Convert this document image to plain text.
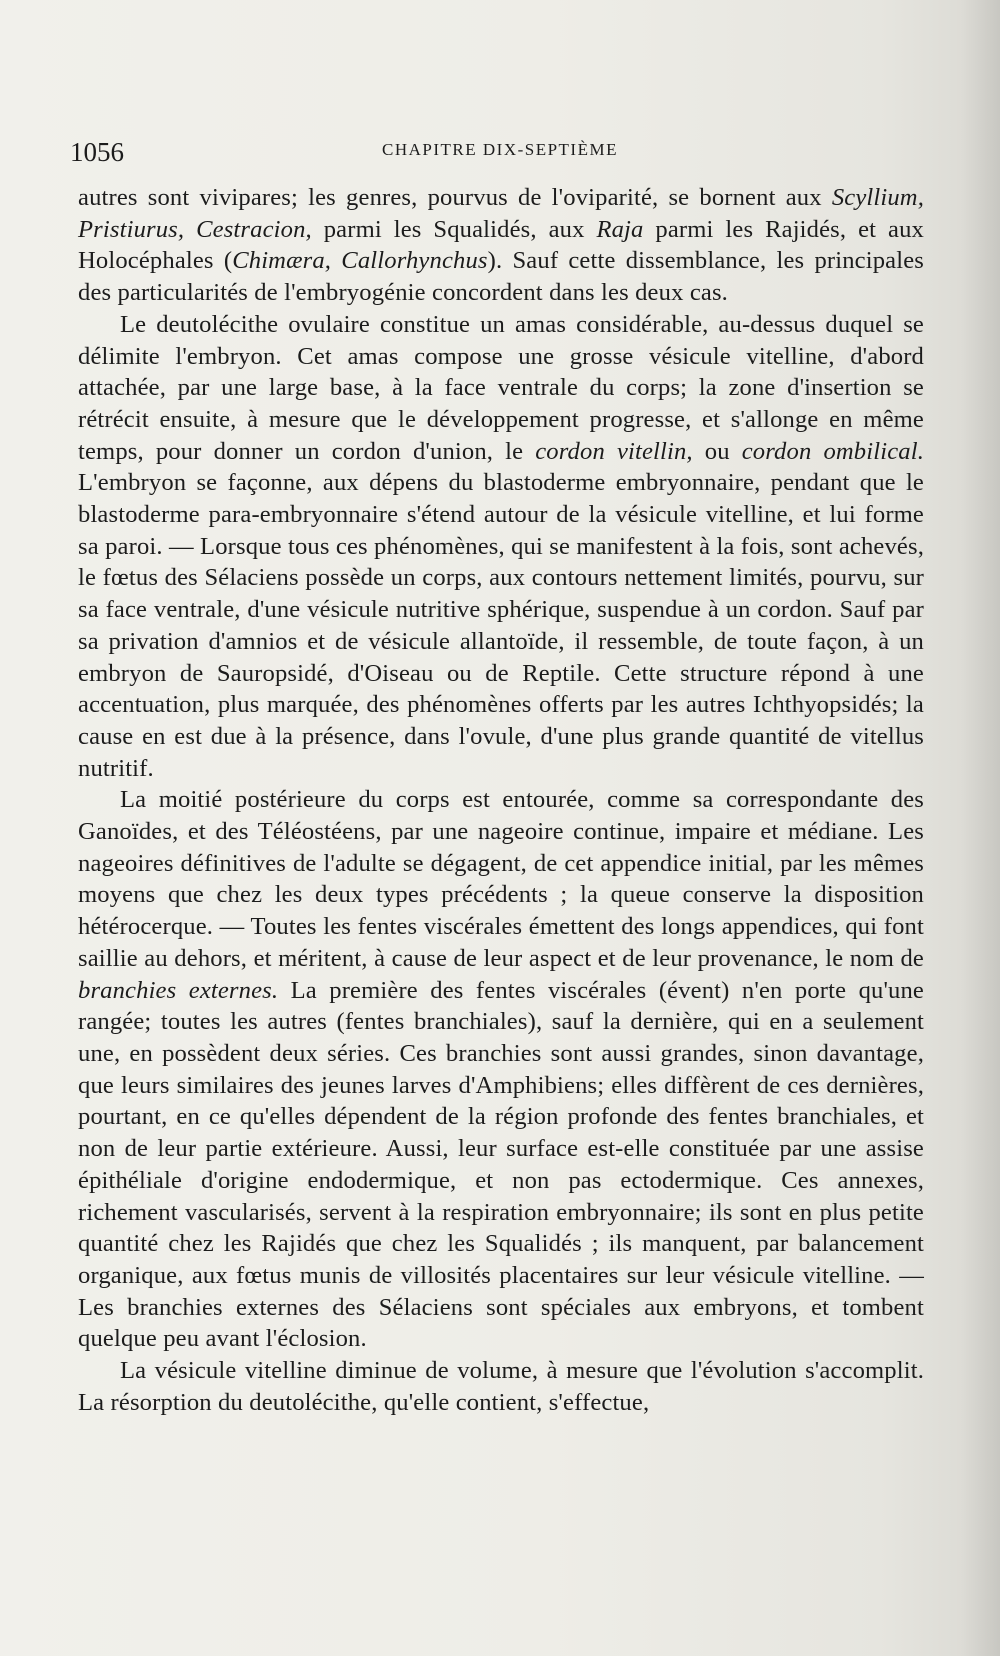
1056	CHAPITRE DIX-SEPTIÈME

autres sont vivipares; les genres, pourvus de l'oviparité, se bornent aux Scyllium, Pristiurus, Cestracion, parmi les Squalidés, aux Raja parmi les Rajidés, et aux Holocéphales (Chimæra, Callorhynchus). Sauf cette dissemblance, les principales des particularités de l'embryogénie concordent dans les deux cas.

Le deutolécithe ovulaire constitue un amas considérable, au-dessus duquel se délimite l'embryon. Cet amas compose une grosse vésicule vitelline, d'abord attachée, par une large base, à la face ventrale du corps; la zone d'insertion se rétrécit ensuite, à mesure que le développement progresse, et s'allonge en même temps, pour donner un cordon d'union, le cordon vitellin, ou cordon ombilical. L'embryon se façonne, aux dépens du blastoderme embryonnaire, pendant que le blastoderme para-embryonnaire s'étend autour de la vésicule vitelline, et lui forme sa paroi. — Lorsque tous ces phénomènes, qui se manifestent à la fois, sont achevés, le fœtus des Sélaciens possède un corps, aux contours nettement limités, pourvu, sur sa face ventrale, d'une vésicule nutritive sphérique, suspendue à un cordon. Sauf par sa privation d'amnios et de vésicule allantoïde, il ressemble, de toute façon, à un embryon de Sauropsidé, d'Oiseau ou de Reptile. Cette structure répond à une accentuation, plus marquée, des phénomènes offerts par les autres Ichthyopsidés; la cause en est due à la présence, dans l'ovule, d'une plus grande quantité de vitellus nutritif.

La moitié postérieure du corps est entourée, comme sa correspondante des Ganoïdes, et des Téléostéens, par une nageoire continue, impaire et médiane. Les nageoires définitives de l'adulte se dégagent, de cet appendice initial, par les mêmes moyens que chez les deux types précédents ; la queue conserve la disposition hétérocerque. — Toutes les fentes viscérales émettent des longs appendices, qui font saillie au dehors, et méritent, à cause de leur aspect et de leur provenance, le nom de branchies externes. La première des fentes viscérales (évent) n'en porte qu'une rangée; toutes les autres (fentes branchiales), sauf la dernière, qui en a seulement une, en possèdent deux séries. Ces branchies sont aussi grandes, sinon davantage, que leurs similaires des jeunes larves d'Amphibiens; elles diffèrent de ces dernières, pourtant, en ce qu'elles dépendent de la région profonde des fentes branchiales, et non de leur partie extérieure. Aussi, leur surface est-elle constituée par une assise épithéliale d'origine endodermique, et non pas ectodermique. Ces annexes, richement vascularisés, servent à la respiration embryonnaire; ils sont en plus petite quantité chez les Rajidés que chez les Squalidés ; ils manquent, par balancement organique, aux fœtus munis de villosités placentaires sur leur vésicule vitelline. — Les branchies externes des Sélaciens sont spéciales aux embryons, et tombent quelque peu avant l'éclosion.

La vésicule vitelline diminue de volume, à mesure que l'évolution s'accomplit. La résorption du deutolécithe, qu'elle contient, s'effectue,
